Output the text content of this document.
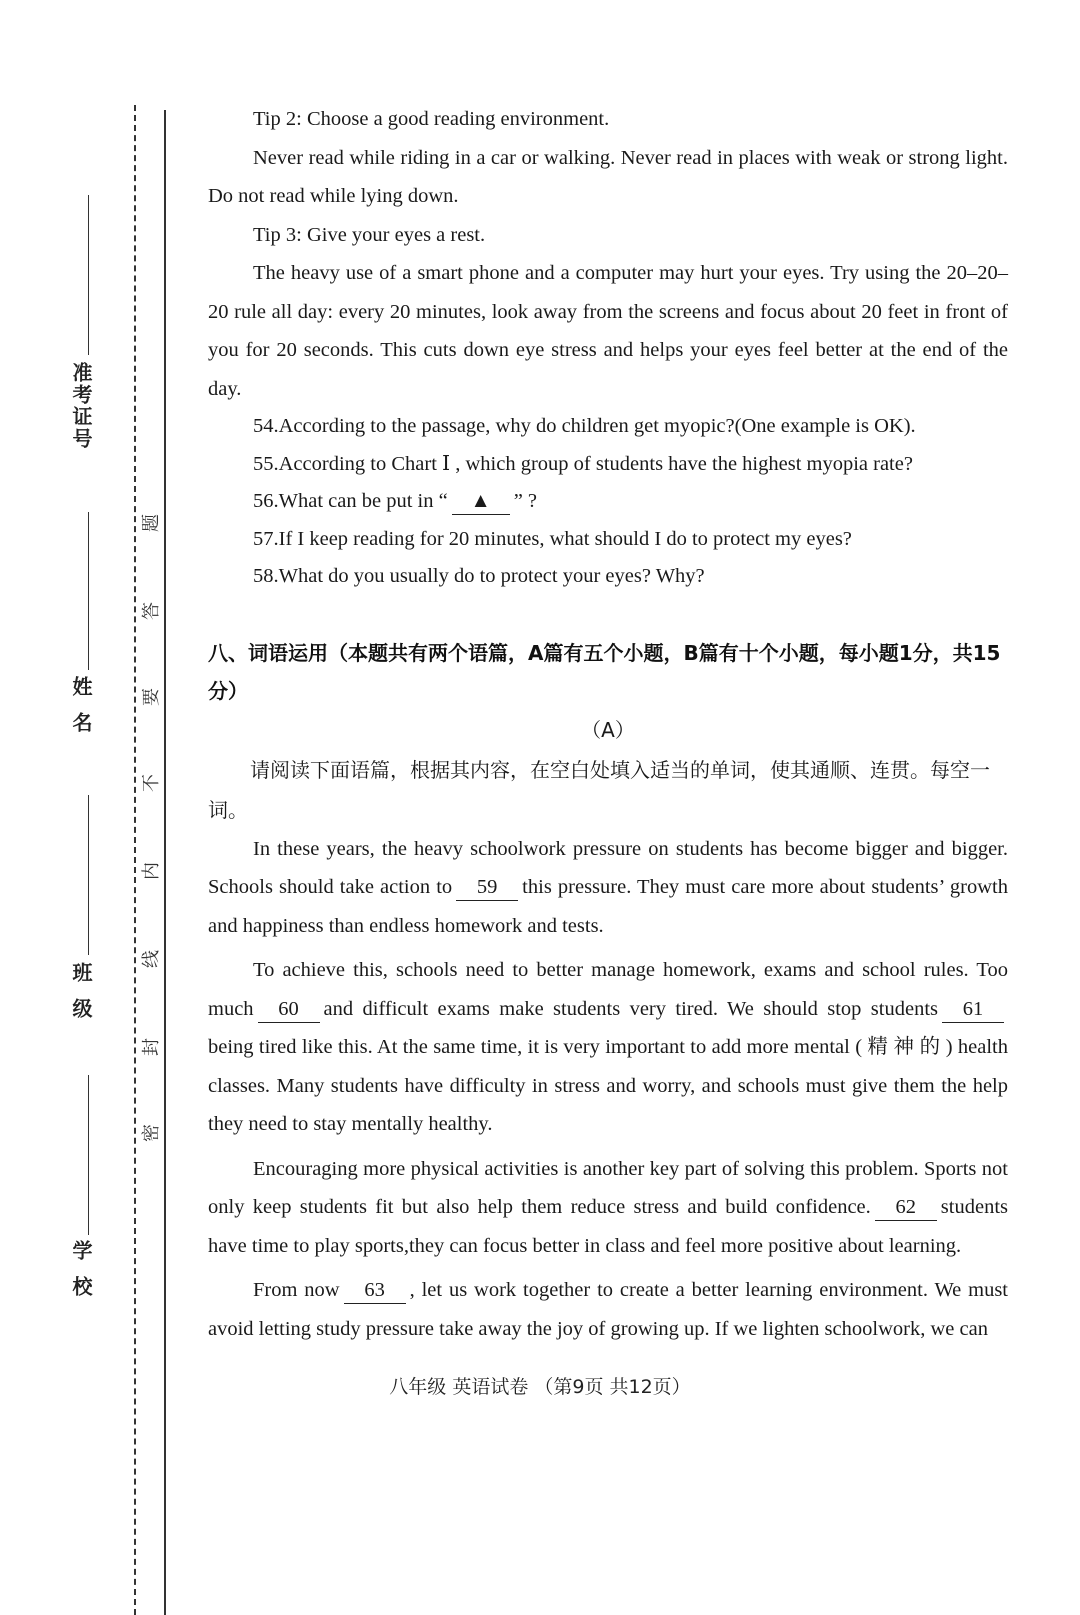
准考证号
姓名
班级
学校
题
答
要
不
内
线
封
密

Tip 2: Choose a good reading environment.

Never read while riding in a car or walking. Never read in places with weak or strong light. Do not read while lying down.

Tip 3: Give your eyes a rest.

The heavy use of a smart phone and a computer may hurt your eyes. Try using the 20–20–20 rule all day: every 20 minutes, look away from the screens and focus about 20 feet in front of you for 20 seconds. This cuts down eye stress and helps your eyes feel better at the end of the day.

54.According to the passage, why do children get myopic?(One example is OK).

55.According to Chart Ⅰ , which group of students have the highest myopia rate?

56.What can be put in “ ▲ ” ?

57.If I keep reading for 20 minutes, what should I do to protect my eyes?

58.What do you usually do to protect your eyes? Why?

八、词语运用（本题共有两个语篇，A篇有五个小题，B篇有十个小题，每小题1分，共15分）

（A）

请阅读下面语篇，根据其内容，在空白处填入适当的单词，使其通顺、连贯。每空一词。

In these years, the heavy schoolwork pressure on students has become bigger and bigger. Schools should take action to 59 this pressure. They must care more about students’ growth and happiness than endless homework and tests.

To achieve this, schools need to better manage homework, exams and school rules. Too much 60 and difficult exams make students very tired. We should stop students 61being tired like this. At the same time, it is very important to add more mental ( 精 神 的 ) health classes. Many students have difficulty in stress and worry, and schools must give them the help they need to stay mentally healthy.

Encouraging more physical activities is another key part of solving this problem. Sports not only keep students fit but also help them reduce stress and build confidence. 62 students have time to play sports,they can focus better in class and feel more positive about learning.

From now 63 , let us work together to create a better learning environment. We must avoid letting study pressure take away the joy of growing up. If we lighten schoolwork, we can

八年级 英语试卷 （第9页 共12页）
